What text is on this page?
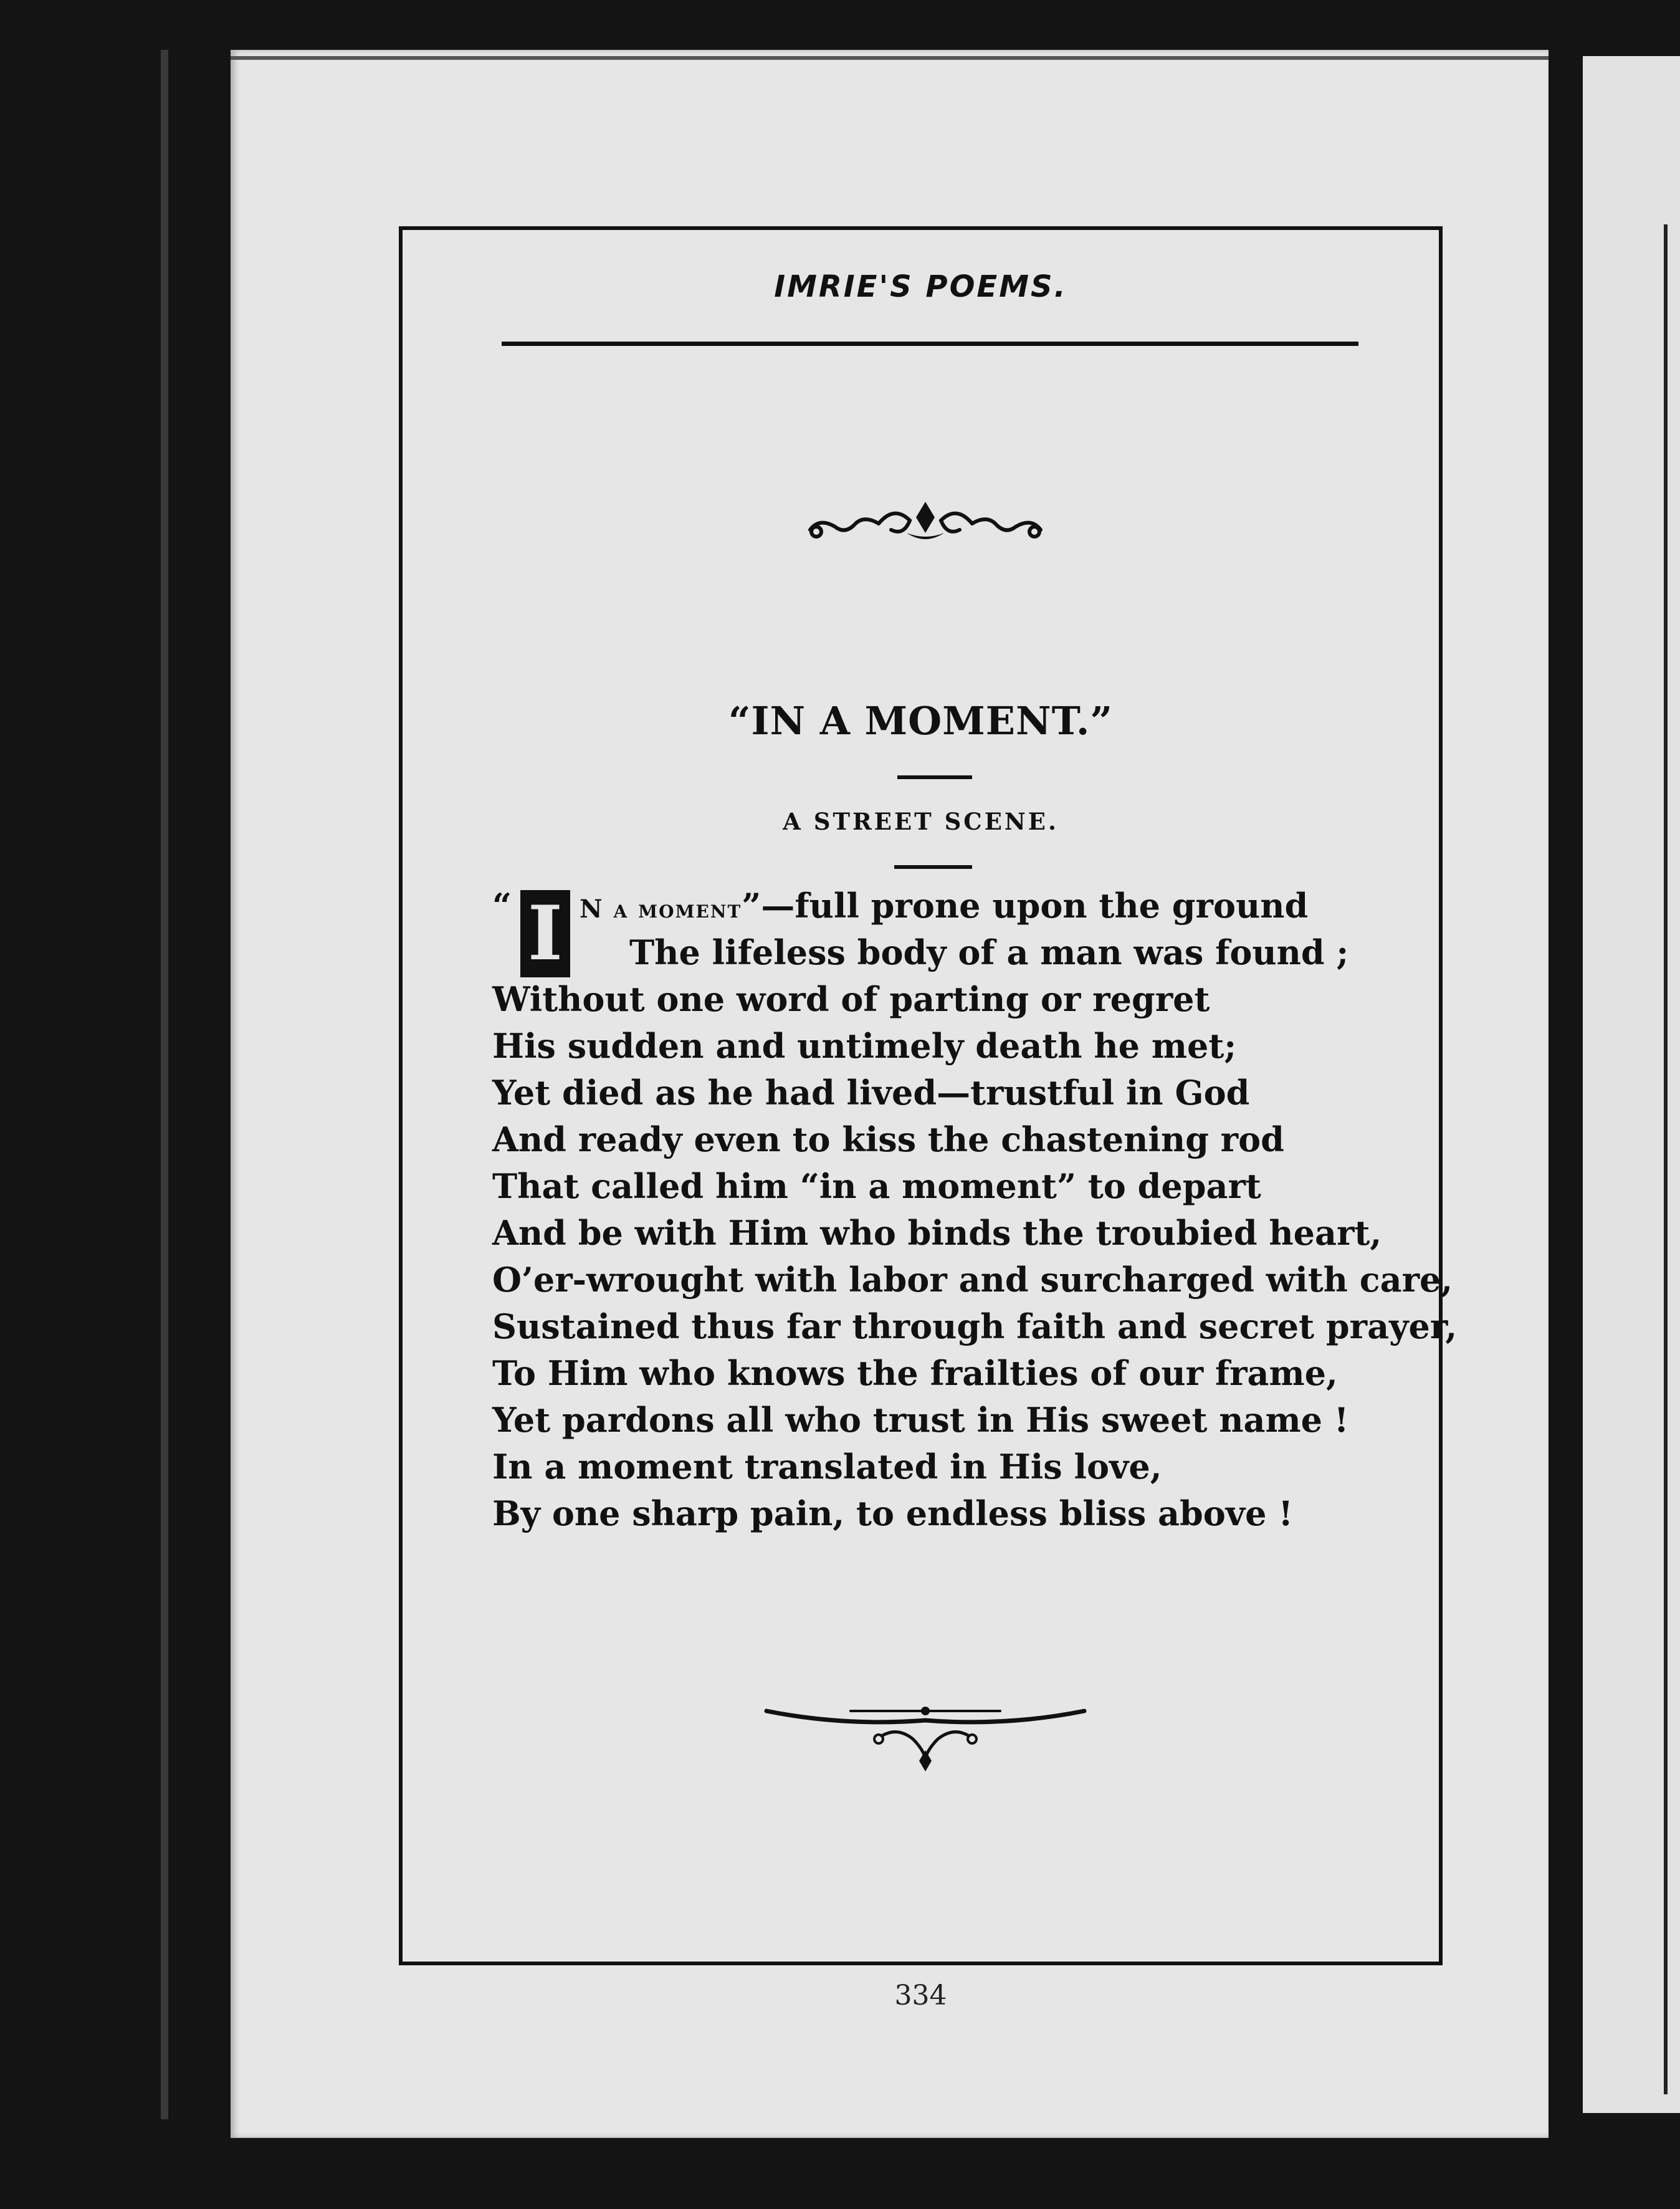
IMRIE'S POEMS.
“IN A MOMENT.”
A STREET SCENE.
“ I N a moment”—full prone upon the ground
The lifeless body of a man was found ;
Without one word of parting or regret
His sudden and untimely death he met;
Yet died as he had lived—trustful in God
And ready even to kiss the chastening rod
That called him “in a moment” to depart
And be with Him who binds the troubied heart,
O’er-wrought with labor and surcharged with care,
Sustained thus far through faith and secret prayer,
To Him who knows the frailties of our frame,
Yet pardons all who trust in His sweet name !
In a moment translated in His love,
By one sharp pain, to endless bliss above !
334
